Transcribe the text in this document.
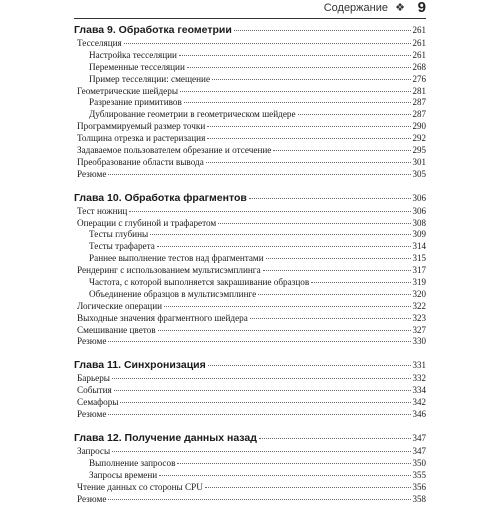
Содержание ❖ 9
Глава 9. Обработка геометрии	261
Тесселяция	261
Настройка тесселяции	261
Переменные тесселяции	268
Пример тесселяции: смещение	276
Геометрические шейдеры	281
Разрезание примитивов	287
Дублирование геометрии в геометрическом шейдере	287
Программируемый размер точки	290
Толщина отрезка и растеризация	292
Задаваемое пользователем обрезание и отсечение	295
Преобразование области вывода	301
Резюме	305
Глава 10. Обработка фрагментов	306
Тест ножниц	306
Операции с глубиной и трафаретом	308
Тесты глубины	309
Тесты трафарета	314
Раннее выполнение тестов над фрагментами	315
Рендеринг с использованием мультисэмплинга	317
Частота, с которой выполняется закрашивание образцов	319
Объединение образцов в мультисэмплинге	320
Логические операции	322
Выходные значения фрагментного шейдера	323
Смешивание цветов	327
Резюме	330
Глава 11. Синхронизация	331
Барьеры	332
События	334
Семафоры	342
Резюме	346
Глава 12. Получение данных назад	347
Запросы	347
Выполнение запросов	350
Запросы времени	355
Чтение данных со стороны CPU	356
Резюме	358
